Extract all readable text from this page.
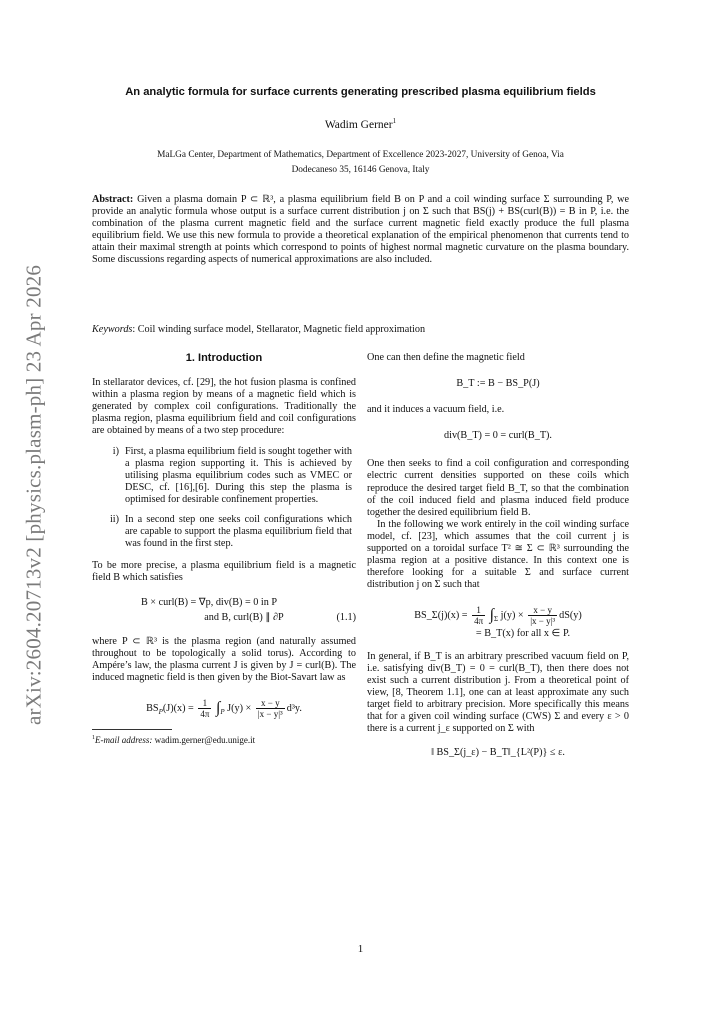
arXiv:2604.20713v2 [physics.plasm-ph] 23 Apr 2026
An analytic formula for surface currents generating prescribed plasma equilibrium fields
Wadim Gerner$^1$
MaLGa Center, Department of Mathematics, Department of Excellence 2023-2027, University of Genoa, Via
Dodecaneso 35, 16146 Genova, Italy
Abstract: Given a plasma domain P ⊂ ℝ³, a plasma equilibrium field B on P and a coil winding surface Σ surrounding P, we provide an analytic formula whose output is a surface current distribution j on Σ such that BS(j) + BS(curl(B)) = B in P, i.e. the combination of the plasma current magnetic field and the surface current magnetic field exactly produce the full plasma equilibrium field. We use this new formula to provide a theoretical explanation of the empirical phenomenon that currents tend to attain their maximal strength at points which correspond to points of highest normal magnetic curvature on the plasma boundary. Some discussions regarding aspects of numerical approximations are also included.
Keywords: Coil winding surface model, Stellarator, Magnetic field approximation
1. Introduction
In stellarator devices, cf. [29], the hot fusion plasma is confined within a plasma region by means of a magnetic field which is generated by complex coil configurations. Traditionally the plasma region, plasma equilibrium field and coil configurations are obtained by means of a two step procedure:
i) First, a plasma equilibrium field is sought together with a plasma region supporting it. This is achieved by utilising plasma equilibrium codes such as VMEC or DESC, cf. [16],[6]. During this step the plasma is optimised for desirable confinement properties.
ii) In a second step one seeks coil configurations which are capable to support the plasma equilibrium field that was found in the first step.
To be more precise, a plasma equilibrium field is a magnetic field B which satisfies
B × curl(B) = ∇p, div(B) = 0 in P
and B, curl(B) ∥ ∂P	(1.1)
where P ⊂ ℝ³ is the plasma region (and naturally assumed throughout to be topologically a solid torus). According to Ampére’s law, the plasma current J is given by J = curl(B). The induced magnetic field is then given by the Biot-Savart law as
$BS_P(J)(x) = \frac{1}{4\pi} \int_P$ $J(y) \times \frac{x - y}{\text{|x − y|³}} d^3y$.
$^1$E-mail address: wadim.gerner@edu.unige.it
One can then define the magnetic field
B_T := B − BS_P(J)
and it induces a vacuum field, i.e.
div(B_T) = 0 = curl(B_T).
One then seeks to find a coil configuration and corresponding electric current densities supported on these coils which reproduce the desired target field B_T, so that the combination of the coil induced field and plasma induced field produce together the desired equilibrium field B.
In the following we work entirely in the coil winding surface model, cf. [23], which assumes that the coil current j is supported on a toroidal surface T² ≅ Σ ⊂ ℝ³ surrounding the plasma region at a positive distance. In this context one is therefore looking for a suitable Σ and surface current distribution j on Σ such that
BS_Σ(j)(x) = $\frac{1}{4\pi} \int_\Sigma$ $j(y) \times \frac{x - y}{\text{|x − y|³}} dS(y)$
= B_T(x) for all x ∈ P.
In general, if B_T is an arbitrary prescribed vacuum field on P, i.e. satisfying div(B_T) = 0 = curl(B_T), then there does not exist such a current distribution j. From a theoretical point of view, [8, Theorem 1.1], one can at least approximate any such target field to arbitrary precision. More specifically this means that for a given coil winding surface (CWS) Σ and every ε > 0 there is a current j_ε supported on Σ with
‖ BS_Σ(j_ε) − B_T‖_{L²(P)} ≤ ε.
1
